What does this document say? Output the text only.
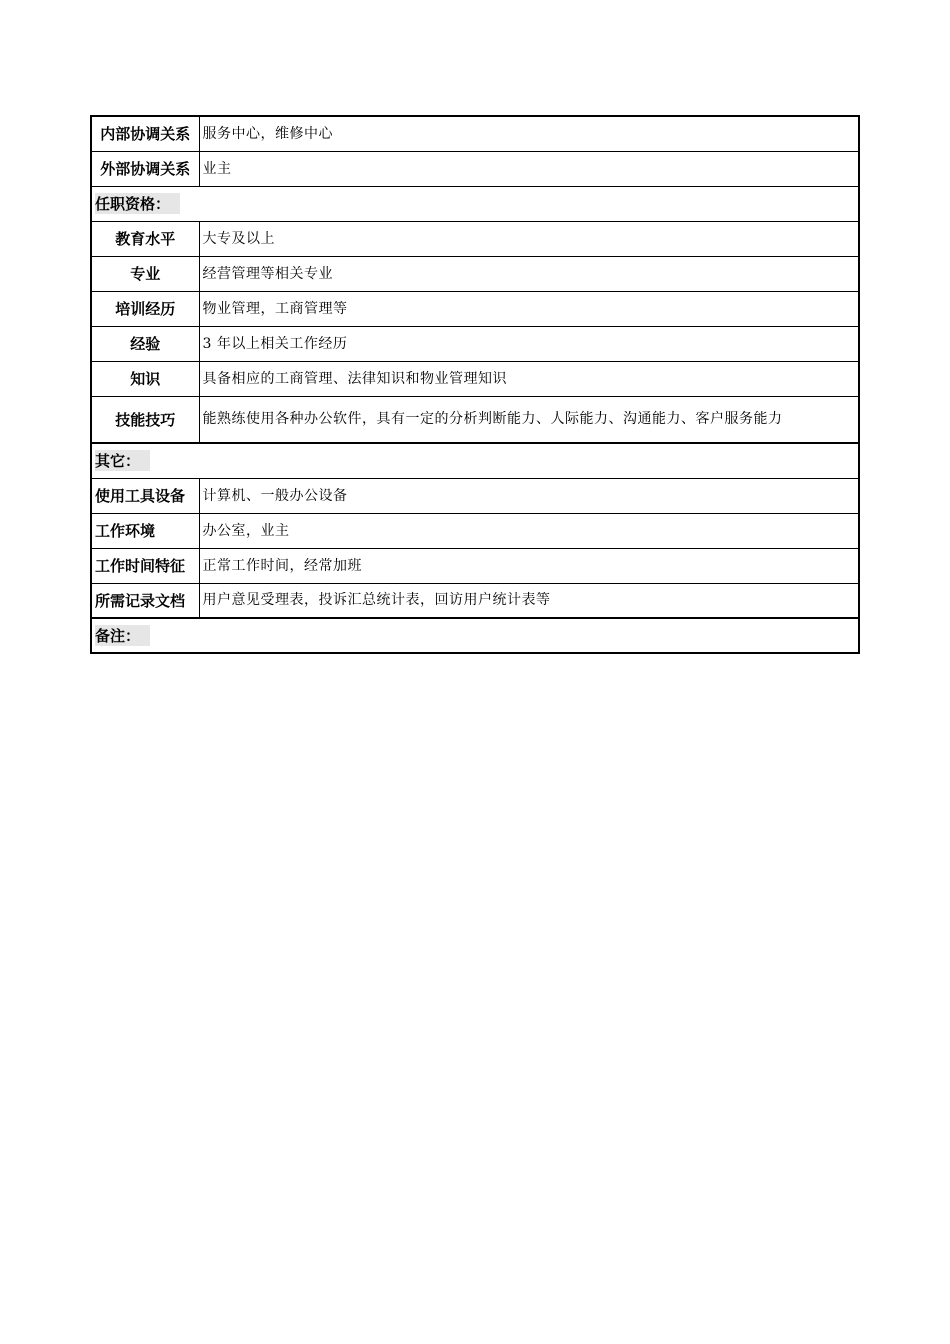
内部协调关系	服务中心，维修中心
外部协调关系	业主
任职资格：	
教育水平	大专及以上
专业	经营管理等相关专业
培训经历	物业管理，工商管理等
经验	3 年以上相关工作经历
知识	具备相应的工商管理、法律知识和物业管理知识
技能技巧	能熟练使用各种办公软件，具有一定的分析判断能力、人际能力、沟通能力、客户服务能力
其它：	
使用工具设备	计算机、一般办公设备
工作环境	办公室，业主
工作时间特征	正常工作时间，经常加班
所需记录文档	用户意见受理表，投诉汇总统计表，回访用户统计表等
备注：	
